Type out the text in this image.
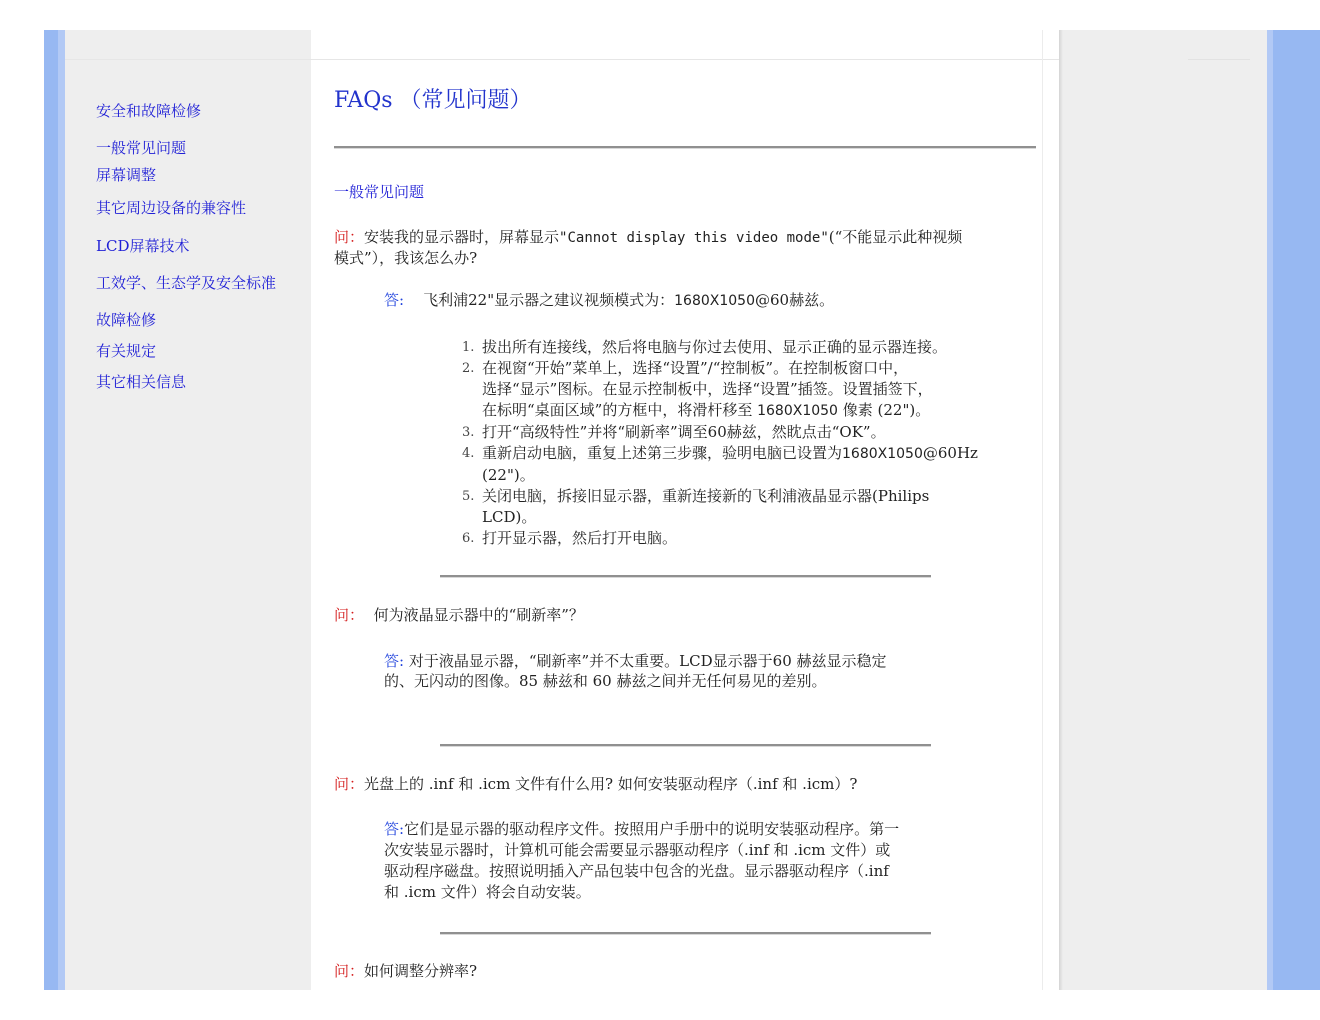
安全和故障检修
一般常见问题
屏幕调整
其它周边设备的兼容性
LCD屏幕技术
工效学、生态学及安全标准
故障检修
有关规定
其它相关信息
FAQs （常见问题）
一般常见问题
问：安装我的显示器时，屏幕显示"Cannot display this video mode"(“不能显示此种视频
模式”），我该怎么办?
答: 飞利浦22"显示器之建议视频模式为：1680X1050@60赫兹。
1. 拔出所有连接线，然后将电脑与你过去使用、显示正确的显示器连接。
2. 在视窗“开始”菜单上，选择“设置”/“控制板”。在控制板窗口中，
选择“显示”图标。在显示控制板中，选择“设置”插签。设置插签下，
在标明“桌面区域”的方框中，将滑杆移至 1680X1050 像素 (22")。
3. 打开“高级特性”并将“刷新率”调至60赫兹，然眈点击“OK”。
4. 重新启动电脑，重复上述第三步骤，验明电脑已设置为1680X1050@60Hz
(22")。
5. 关闭电脑，拆接旧显示器，重新连接新的飞利浦液晶显示器(Philips
LCD)。
6. 打开显示器，然后打开电脑。
问： 何为液晶显示器中的“刷新率”？
答: 对于液晶显示器，“刷新率”并不太重要。LCD显示器于60 赫兹显示稳定
的、无闪动的图像。85 赫兹和 60 赫兹之间并无任何易见的差别。
问：光盘上的 .inf 和 .icm 文件有什么用? 如何安装驱动程序（.inf 和 .icm）?
答:它们是显示器的驱动程序文件。按照用户手册中的说明安装驱动程序。第一
次安装显示器时，计算机可能会需要显示器驱动程序（.inf 和 .icm 文件）或
驱动程序磁盘。按照说明插入产品包装中包含的光盘。显示器驱动程序（.inf
和 .icm 文件）将会自动安装。
问：如何调整分辨率?
